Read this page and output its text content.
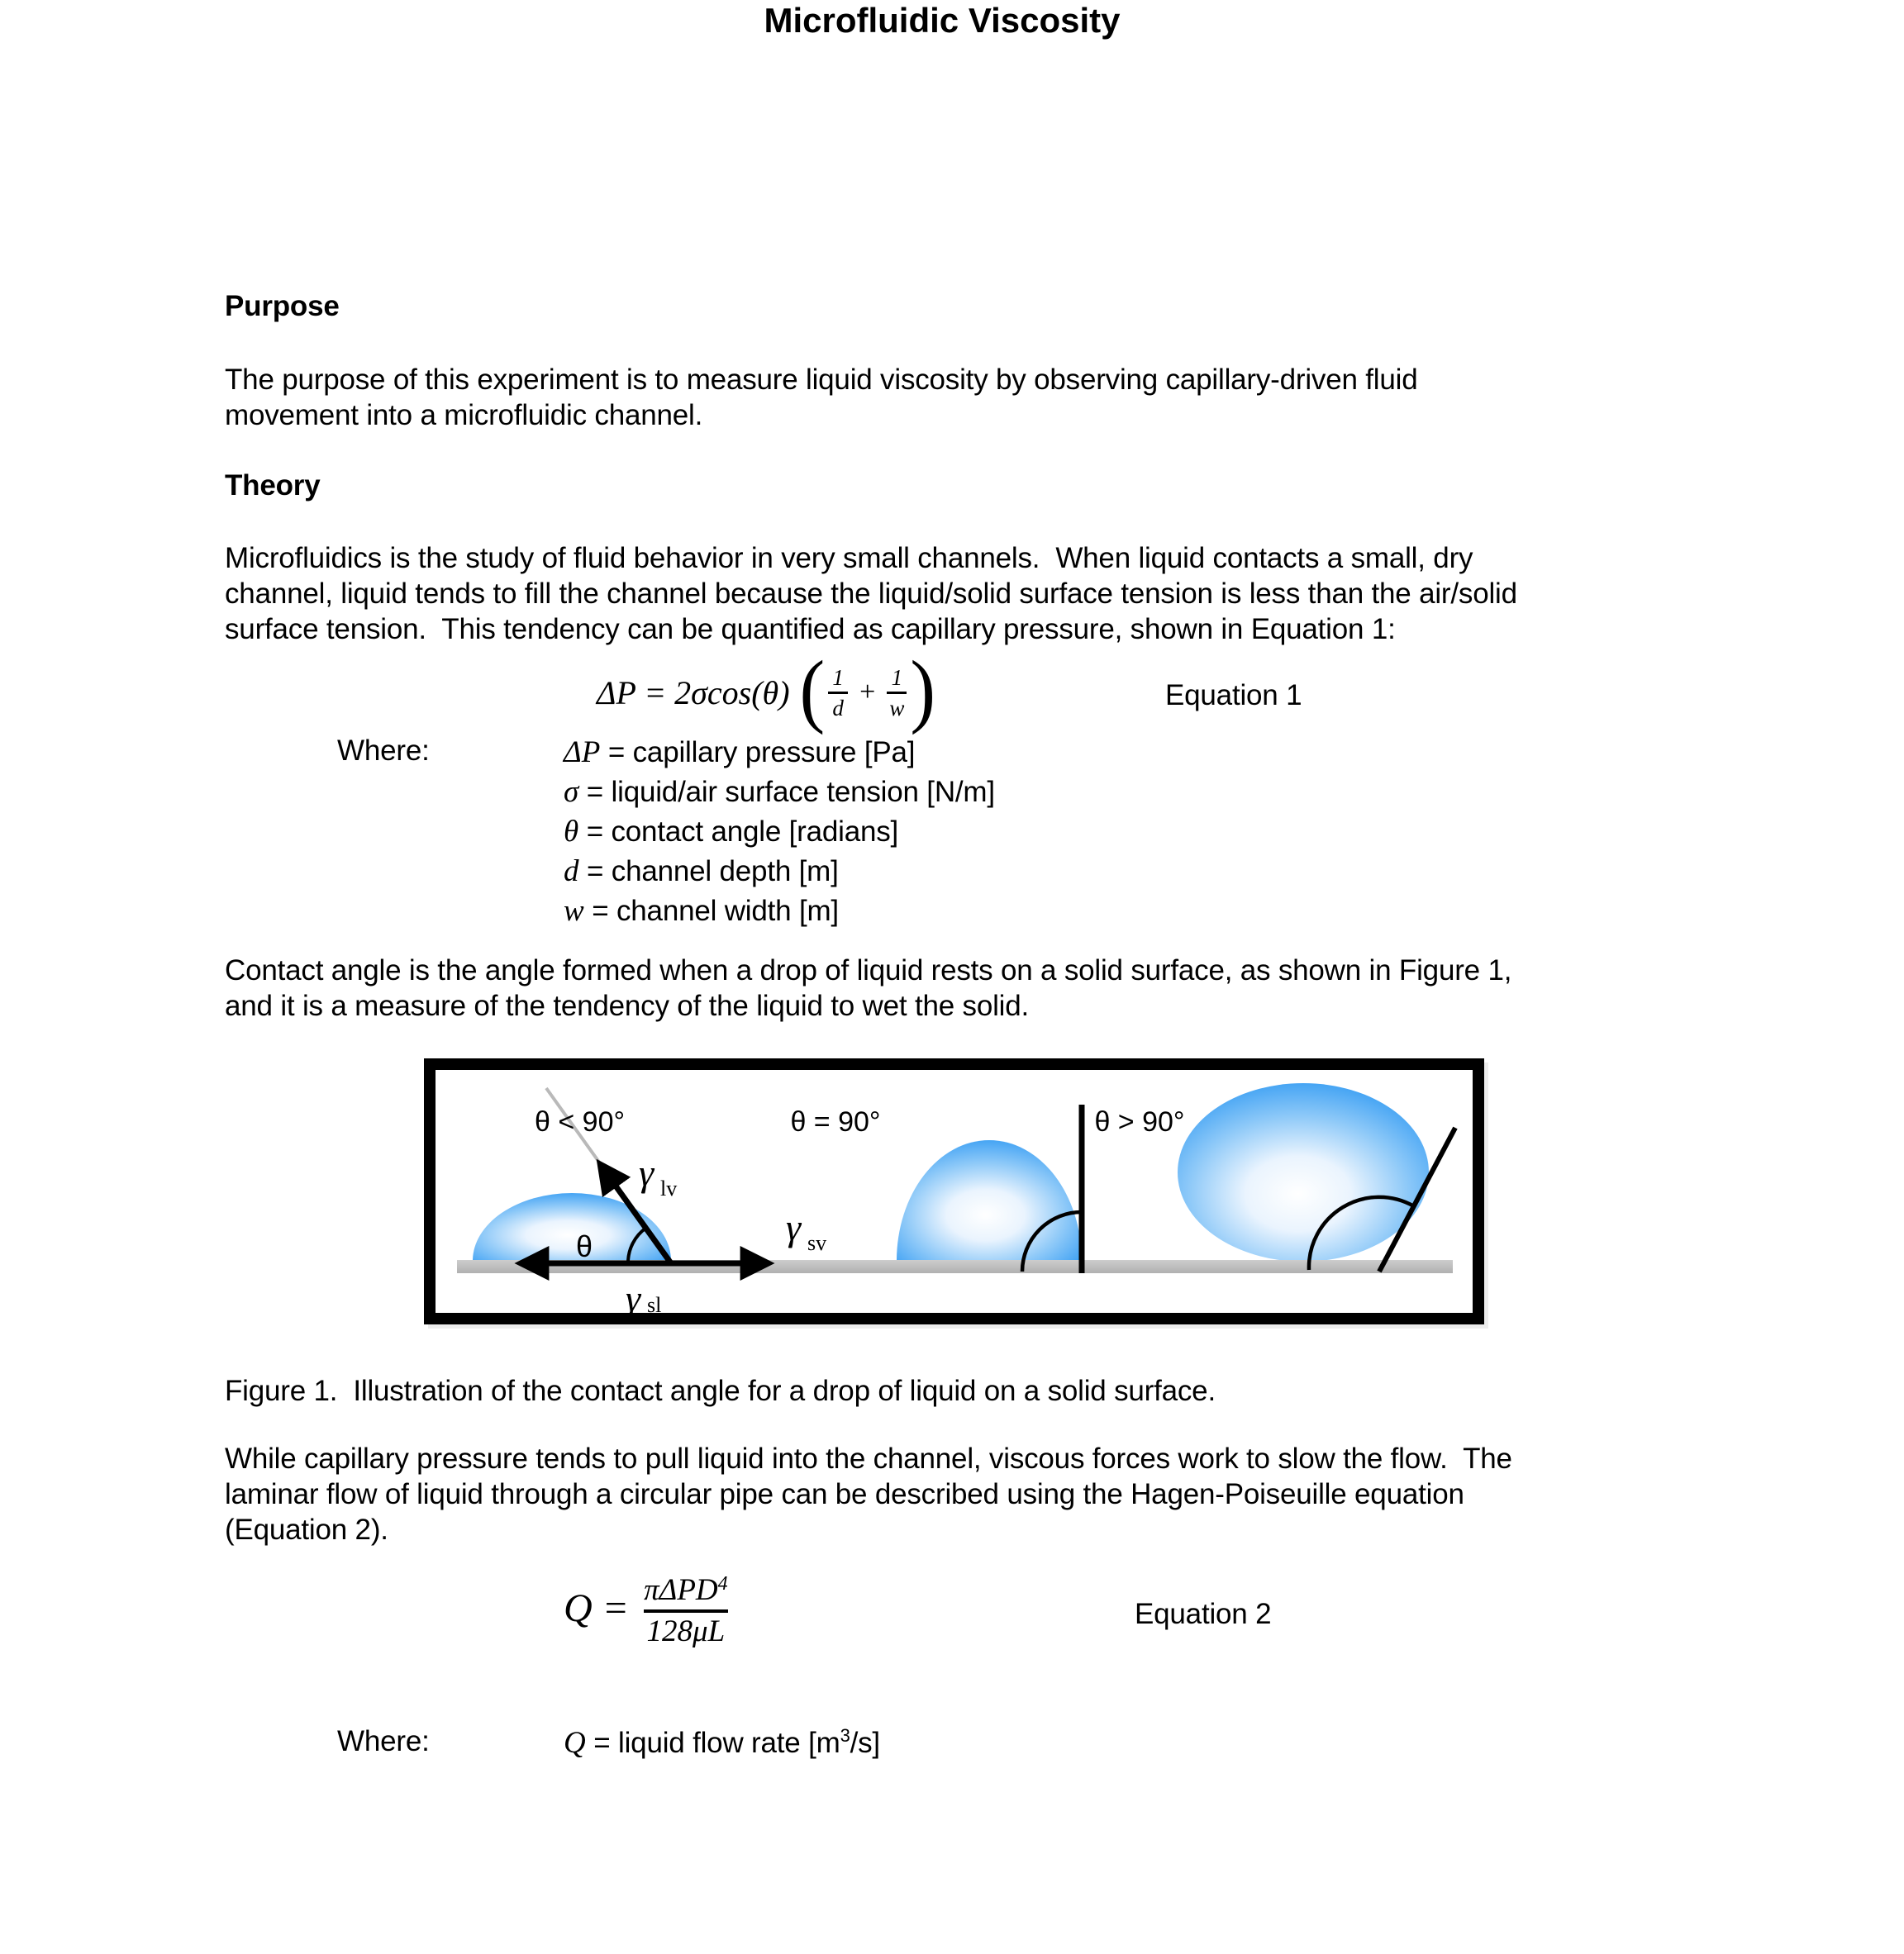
Microfluidic Viscosity
Purpose
The purpose of this experiment is to measure liquid viscosity by observing capillary-driven fluid
movement into a microfluidic channel.
Theory
Microfluidics is the study of fluid behavior in very small channels.  When liquid contacts a small, dry
channel, liquid tends to fill the channel because the liquid/solid surface tension is less than the air/solid
surface tension.  This tendency can be quantified as capillary pressure, shown in Equation 1:
ΔP = 2σcos(θ) ( $\frac{1}{d} + \frac{1}{w}$ )	Equation 1
Where:	ΔP = capillary pressure [Pa]
σ = liquid/air surface tension [N/m]
θ = contact angle [radians]
d = channel depth [m]
w = channel width [m]
Contact angle is the angle formed when a drop of liquid rests on a solid surface, as shown in Figure 1,
and it is a measure of the tendency of the liquid to wet the solid.
θ < 90°	θ = 90°	θ > 90°
θ
γ lv
γ sv
γ sl
Figure 1.  Illustration of the contact angle for a drop of liquid on a solid surface.
While capillary pressure tends to pull liquid into the channel, viscous forces work to slow the flow.  The
laminar flow of liquid through a circular pipe can be described using the Hagen-Poiseuille equation
(Equation 2).
$Q = \frac{\pi\Delta PD^4}{128\mu L}$	Equation 2
Where:	Q = liquid flow rate $[m^3/s]$
